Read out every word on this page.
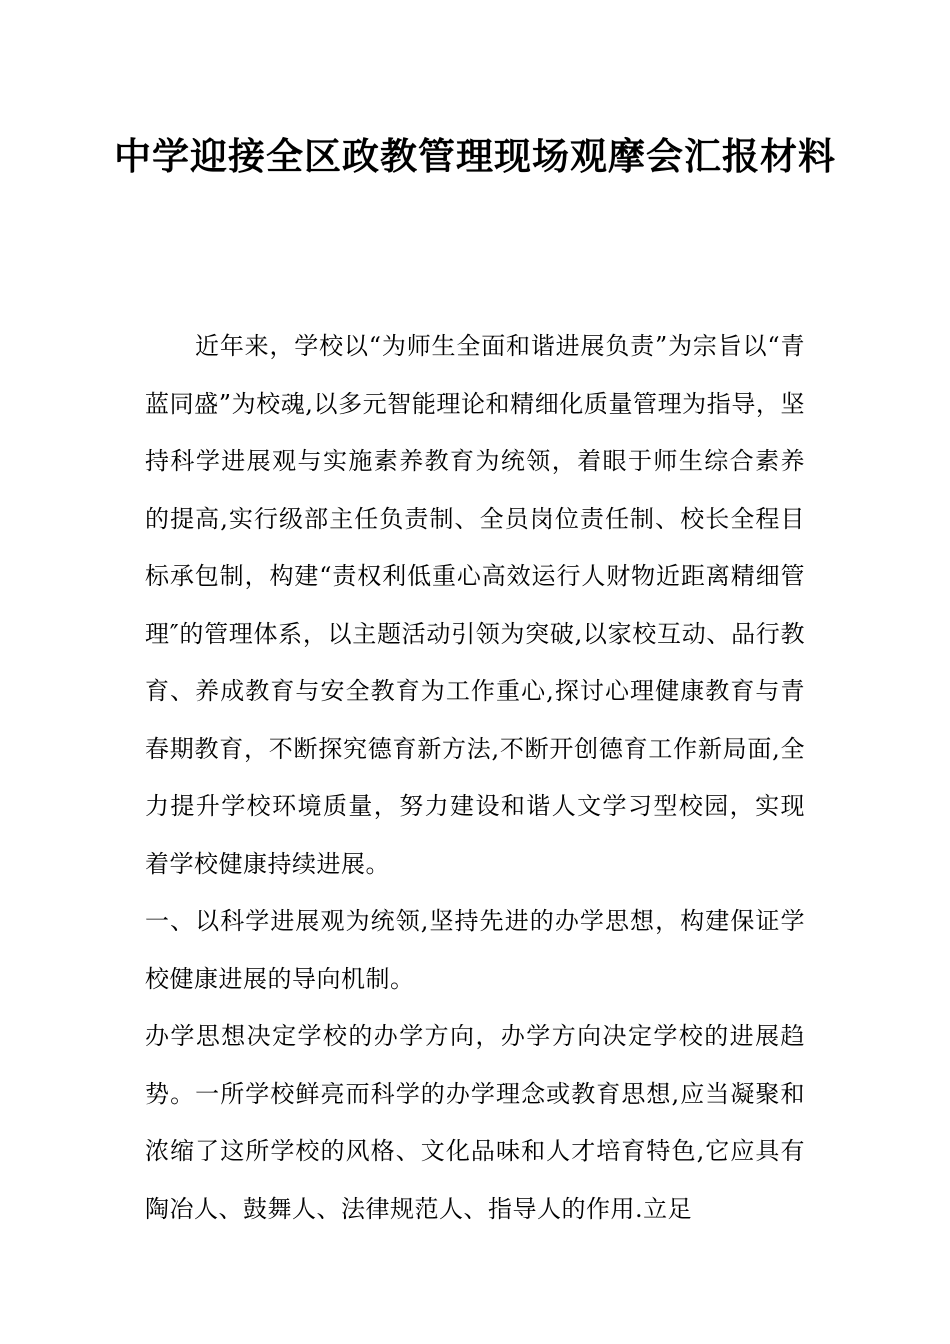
中学迎接全区政教管理现场观摩会汇报材料

近年来，学校以“为师生全面和谐进展负责”为宗旨以“青蓝同盛”为校魂,以多元智能理论和精细化质量管理为指导，坚持科学进展观与实施素养教育为统领，着眼于师生综合素养的提高,实行级部主任负责制、全员岗位责任制、校长全程目标承包制，构建“责权利低重心高效运行人财物近距离精细管理″的管理体系，以主题活动引领为突破,以家校互动、品行教育、养成教育与安全教育为工作重心,探讨心理健康教育与青春期教育，不断探究德育新方法,不断开创德育工作新局面,全力提升学校环境质量，努力建设和谐人文学习型校园，实现着学校健康持续进展。

一、以科学进展观为统领,坚持先进的办学思想，构建保证学校健康进展的导向机制。

办学思想决定学校的办学方向，办学方向决定学校的进展趋势。一所学校鲜亮而科学的办学理念或教育思想,应当凝聚和浓缩了这所学校的风格、文化品味和人才培育特色,它应具有陶冶人、鼓舞人、法律规范人、指导人的作用.立足
